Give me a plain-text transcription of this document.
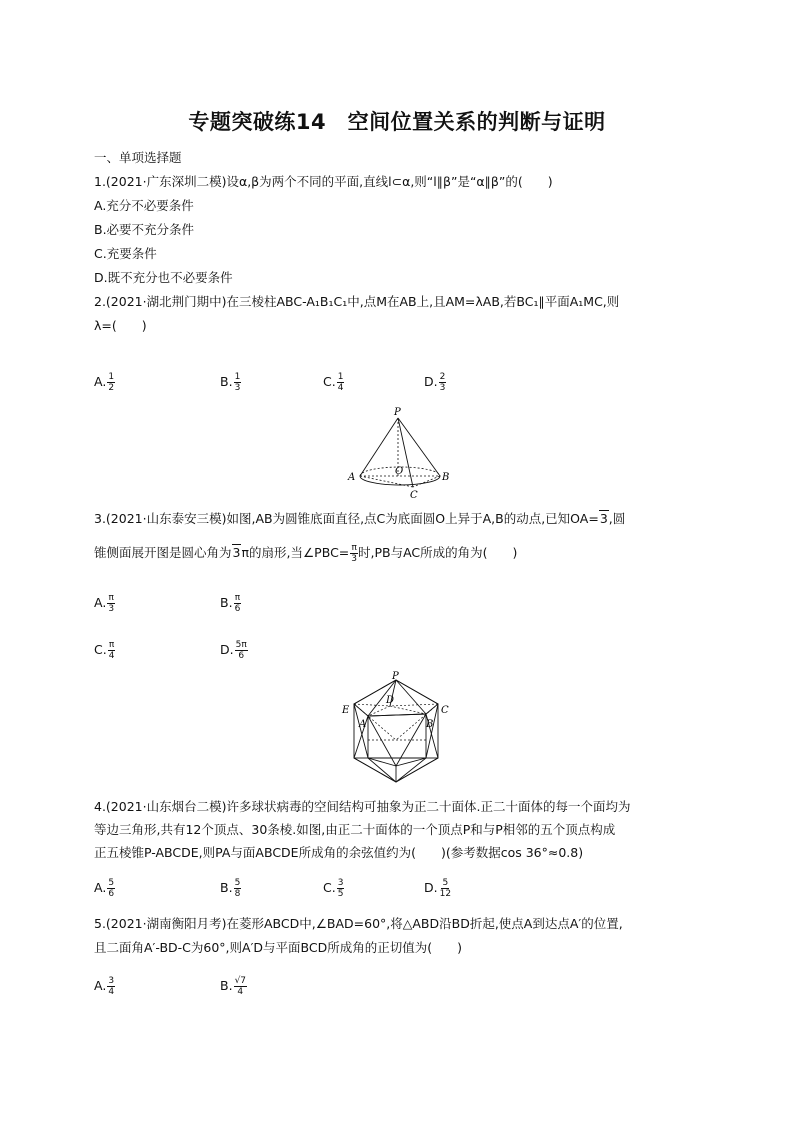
专题突破练14　空间位置关系的判断与证明
一、单项选择题
1.(2021·广东深圳二模)设α,β为两个不同的平面,直线l⊂α,则“l∥β”是“α∥β”的(　　)
A.充分不必要条件
B.必要不充分条件
C.充要条件
D.既不充分也不必要条件
2.(2021·湖北荆门期中)在三棱柱ABC-A₁B₁C₁中,点M在AB上,且AM=λAB,若BC₁∥平面A₁MC,则
λ=(　　)
A. $\frac{1}{2}$	B. $\frac{1}{3}$	C. $\frac{1}{4}$	D. $\frac{2}{3}$
P
A
O
B
C
3.(2021·山东泰安三模)如图,AB为圆锥底面直径,点C为底面圆O上异于A,B的动点,已知OA=3,圆
锥侧面展开图是圆心角为3π的扇形,当∠PBC= $\frac{\pi}{3}$ 时,PB与AC所成的角为(　　)
A. $\frac{\pi}{3}$	B. $\frac{\pi}{6}$
C. $\frac{\pi}{4}$	D. $\frac{5\pi}{6}$
P
D
E	C
A	B
4.(2021·山东烟台二模)许多球状病毒的空间结构可抽象为正二十面体.正二十面体的每一个面均为
等边三角形,共有12个顶点、30条棱.如图,由正二十面体的一个顶点P和与P相邻的五个顶点构成
正五棱锥P-ABCDE,则PA与面ABCDE所成角的余弦值约为(　　)(参考数据cos 36°≈0.8)
A. $\frac{5}{6}$	B. $\frac{5}{8}$	C. $\frac{3}{5}$	D. $\frac{5}{12}$
5.(2021·湖南衡阳月考)在菱形ABCD中,∠BAD=60°,将△ABD沿BD折起,使点A到达点A′的位置,
且二面角A′-BD-C为60°,则A′D与平面BCD所成角的正切值为(　　)
A. $\frac{3}{4}$	B. $\frac{√7}{4}$
